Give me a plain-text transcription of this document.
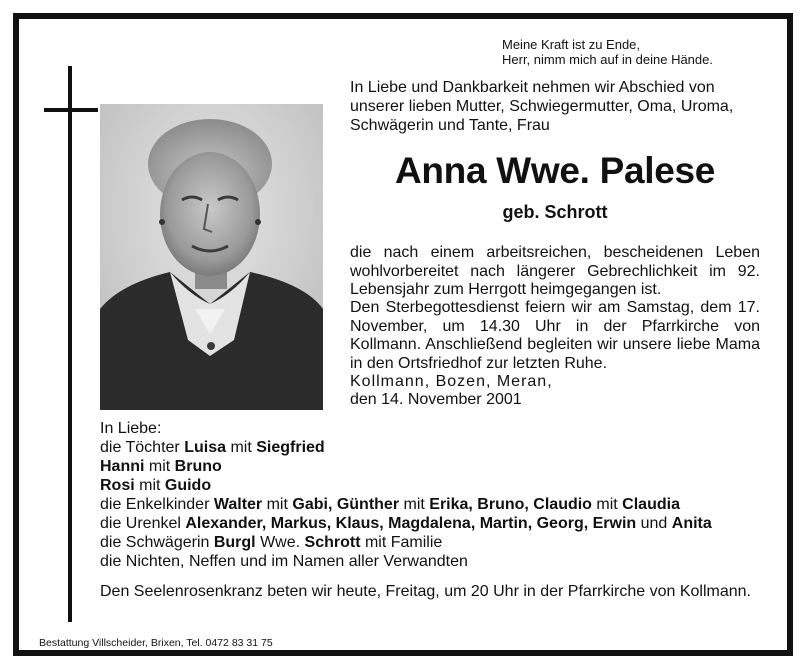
Meine Kraft ist zu Ende,
Herr, nimm mich auf in deine Hände.
In Liebe und Dankbarkeit nehmen wir Abschied von unserer lieben Mutter, Schwiegermutter, Oma, Uroma, Schwägerin und Tante, Frau
Anna Wwe. Palese
geb. Schrott
die nach einem arbeitsreichen, bescheidenen Leben wohlvorbereitet nach längerer Gebrechlichkeit im 92. Lebensjahr zum Herrgott heimgegangen ist.
Den Sterbegottesdienst feiern wir am Samstag, dem 17. November, um 14.30 Uhr in der Pfarrkirche von Kollmann. Anschließend begleiten wir unsere liebe Mama in den Ortsfriedhof zur letzten Ruhe.
Kollmann, Bozen, Meran,
den 14. November 2001
In Liebe:
die Töchter Luisa mit Siegfried
Hanni mit Bruno
Rosi mit Guido
die Enkelkinder Walter mit Gabi, Günther mit Erika, Bruno, Claudio mit Claudia
die Urenkel Alexander, Markus, Klaus, Magdalena, Martin, Georg, Erwin und Anita
die Schwägerin Burgl Wwe. Schrott mit Familie
die Nichten, Neffen und im Namen aller Verwandten
Den Seelenrosenkranz beten wir heute, Freitag, um 20 Uhr in der Pfarrkirche von Kollmann.
Bestattung Villscheider, Brixen, Tel. 0472 83 31 75
